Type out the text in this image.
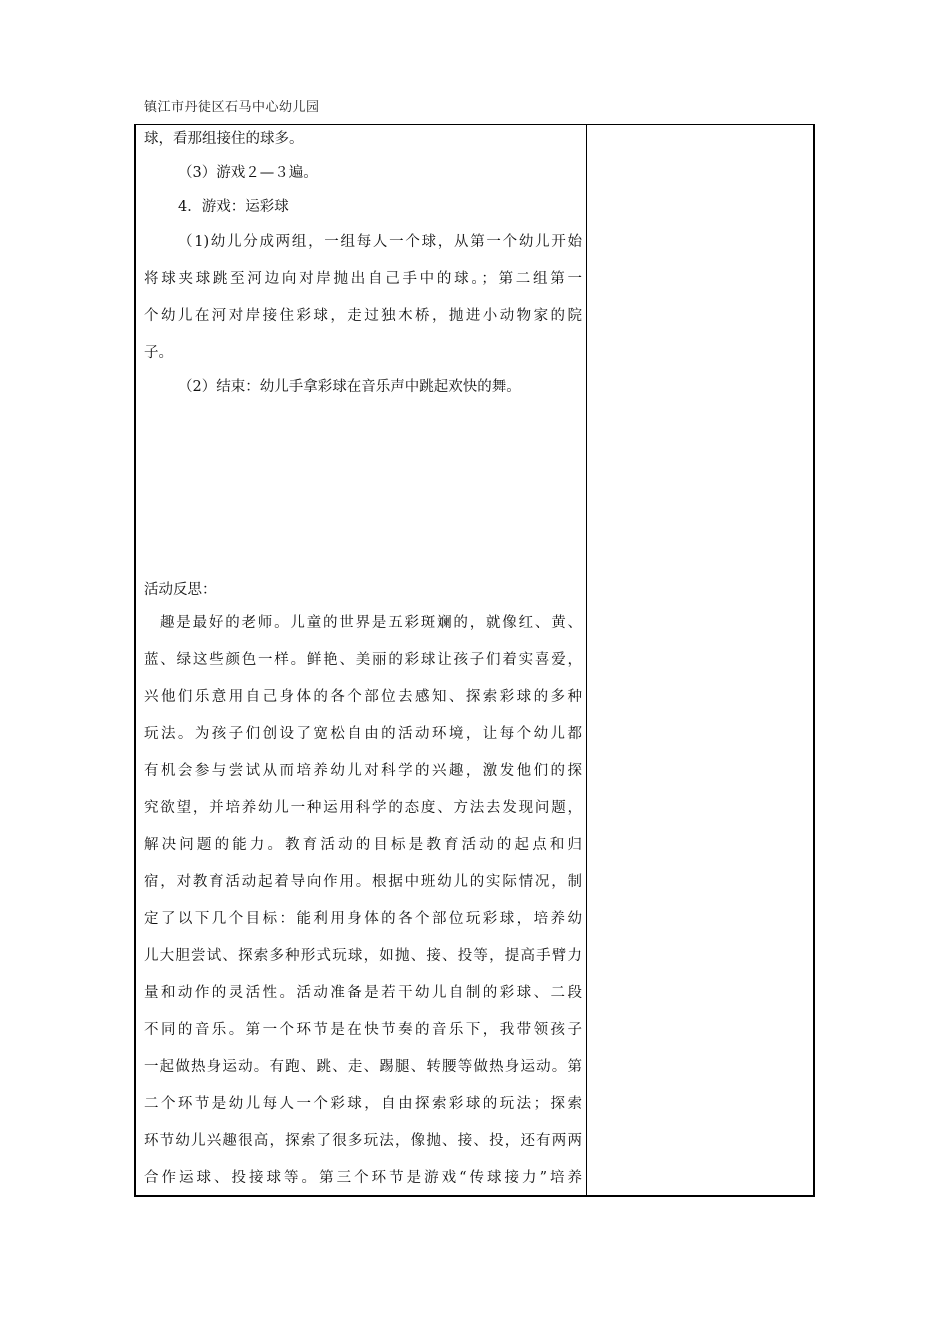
镇江市丹徒区石马中心幼儿园
球，看那组接住的球多。
（3）游戏２—３遍。
4．游戏：运彩球
（1)幼儿分成两组，一组每人一个球，从第一个幼儿开始
将球夹球跳至河边向对岸抛出自己手中的球。；第二组第一
个幼儿在河对岸接住彩球，走过独木桥，抛进小动物家的院
子。
（2）结束：幼儿手拿彩球在音乐声中跳起欢快的舞。
活动反思：
趣是最好的老师。儿童的世界是五彩斑斓的，就像红、黄、
蓝、绿这些颜色一样。鲜艳、美丽的彩球让孩子们着实喜爱，
兴他们乐意用自己身体的各个部位去感知、探索彩球的多种
玩法。为孩子们创设了宽松自由的活动环境，让每个幼儿都
有机会参与尝试从而培养幼儿对科学的兴趣，激发他们的探
究欲望，并培养幼儿一种运用科学的态度、方法去发现问题，
解决问题的能力。教育活动的目标是教育活动的起点和归
宿，对教育活动起着导向作用。根据中班幼儿的实际情况，制
定了以下几个目标：能利用身体的各个部位玩彩球，培养幼
儿大胆尝试、探索多种形式玩球，如抛、接、投等，提高手臂力
量和动作的灵活性。活动准备是若干幼儿自制的彩球、二段
不同的音乐。第一个环节是在快节奏的音乐下，我带领孩子
一起做热身运动。有跑、跳、走、踢腿、转腰等做热身运动。第
二个环节是幼儿每人一个彩球，自由探索彩球的玩法；探索
环节幼儿兴趣很高，探索了很多玩法，像抛、接、投，还有两两
合作运球、投接球等。第三个环节是游戏“传球接力”培养
